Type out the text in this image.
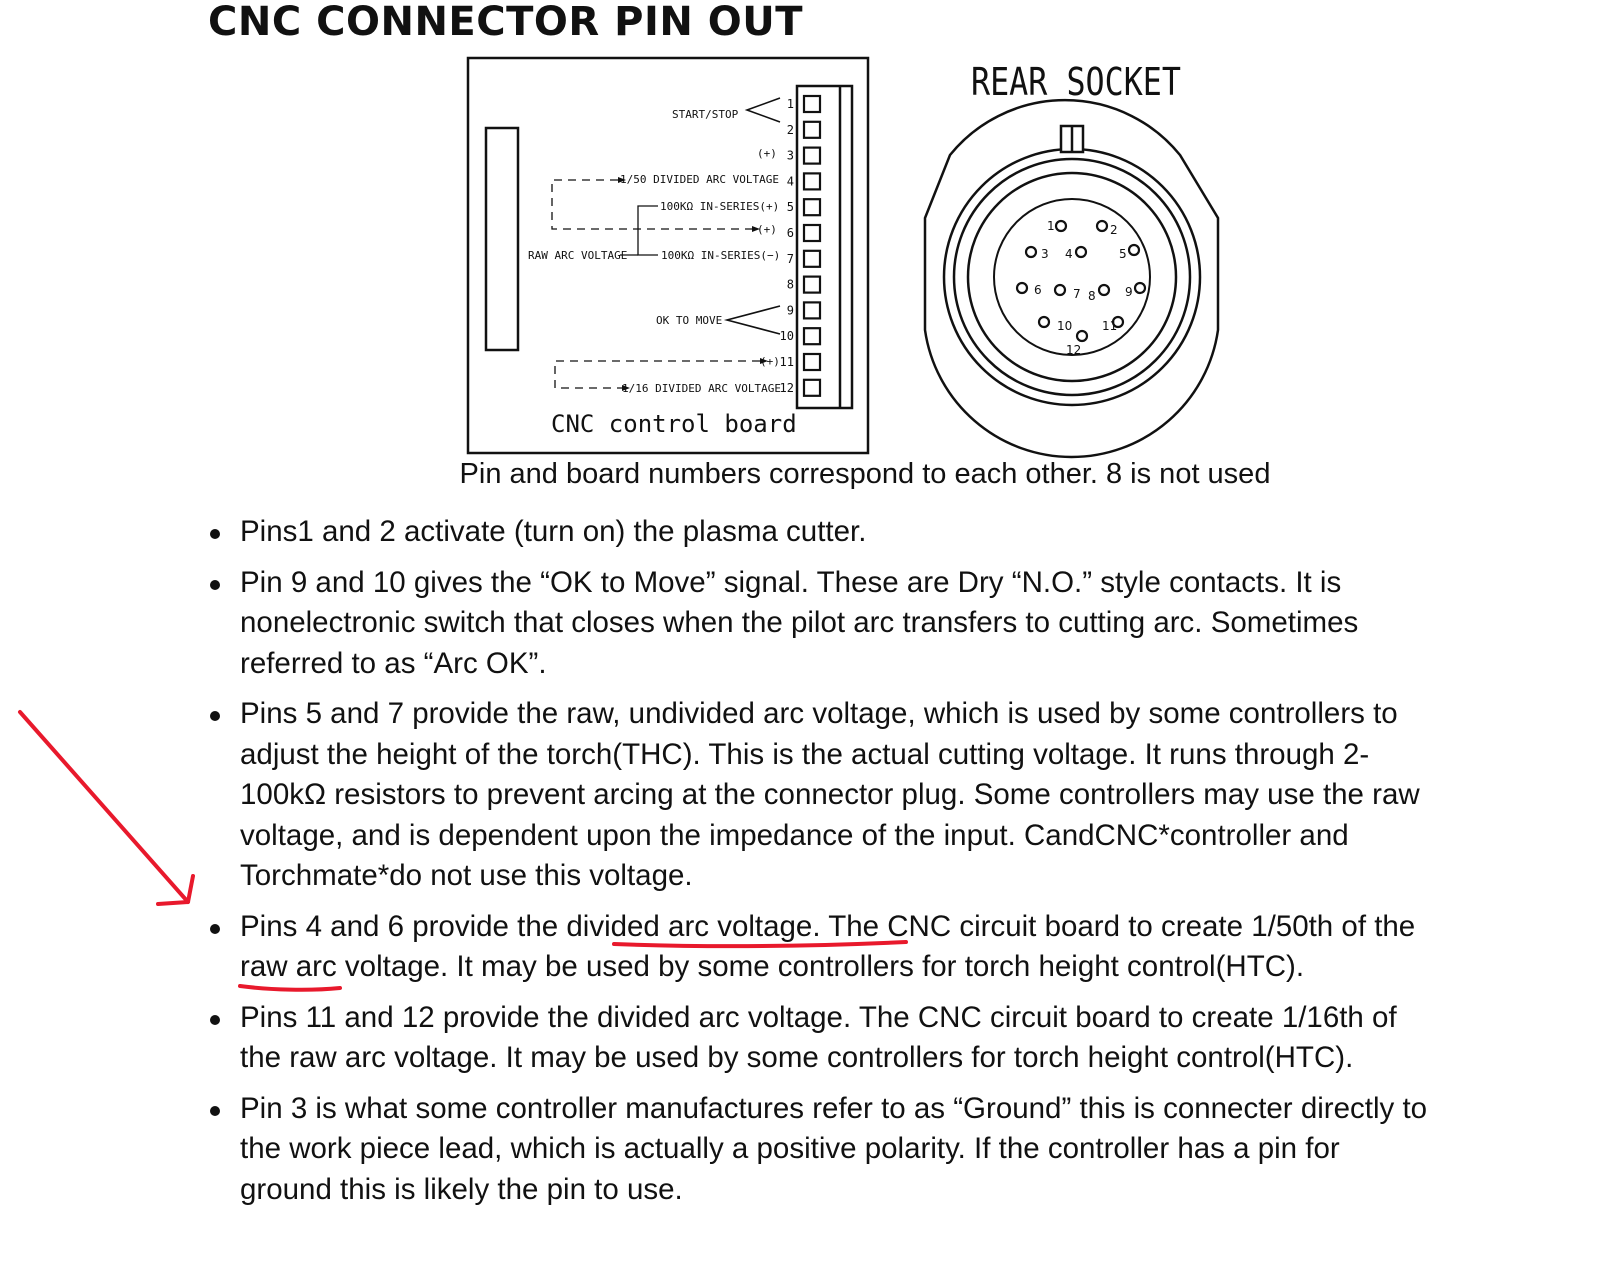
CNC CONNECTOR PIN OUT
1
2
3
4
5
6
7
8
9
10
11
12
START/STOP
(+)
1/50 DIVIDED ARC VOLTAGE
100KΩ IN-SERIES(+)
(+)
RAW ARC VOLTAGE	100KΩ IN-SERIES(−)
OK TO MOVE
(+)
1/16 DIVIDED ARC VOLTAGE
CNC control board
REAR SOCKET
1	2
3 4	5
6	7 8 9
10 11
12
Pin and board numbers correspond to each other. 8 is not used
Pins1 and 2 activate (turn on) the plasma cutter.
Pin 9 and 10 gives the “OK to Move” signal. These are Dry “N.O.” style contacts. It is nonelectronic switch that closes when the pilot arc transfers to cutting arc. Sometimes referred to as “Arc OK”.
Pins 5 and 7 provide the raw, undivided arc voltage, which is used by some controllers to adjust the height of the torch(THC). This is the actual cutting voltage. It runs through 2-100kΩ resistors to prevent arcing at the connector plug. Some controllers may use the raw voltage, and is dependent upon the impedance of the input. CandCNC*controller and Torchmate*do not use this voltage.
Pins 4 and 6 provide the divided arc voltage. The CNC circuit board to create 1/50th of the raw arc voltage. It may be used by some controllers for torch height control(HTC).
Pins 11 and 12 provide the divided arc voltage. The CNC circuit board to create 1/16th of the raw arc voltage. It may be used by some controllers for torch height control(HTC).
Pin 3 is what some controller manufactures refer to as “Ground” this is connecter directly to the work piece lead, which is actually a positive polarity. If the controller has a pin for ground this is likely the pin to use.
